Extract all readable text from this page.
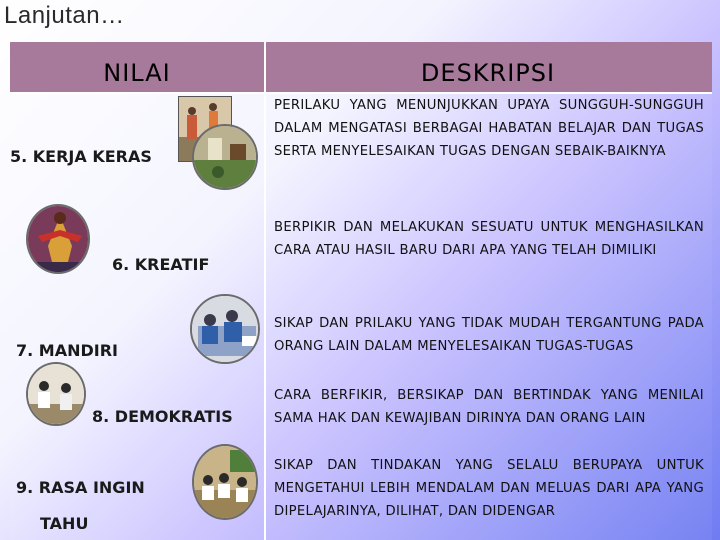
Lanjutan…
NILAI	DESKRIPSI
5. KERJA KERAS
PERILAKU YANG MENUNJUKKAN UPAYA SUNGGUH-SUNGGUH DALAM MENGATASI BERBAGAI HABATAN BELAJAR DAN TUGAS SERTA MENYELESAIKAN TUGAS DENGAN SEBAIK-BAIKNYA
6. KREATIF
BERPIKIR DAN MELAKUKAN SESUATU UNTUK MENGHASILKAN CARA ATAU HASIL BARU DARI APA YANG TELAH DIMILIKI
7. MANDIRI
SIKAP DAN PRILAKU YANG TIDAK MUDAH TERGANTUNG PADA ORANG LAIN DALAM MENYELESAIKAN TUGAS-TUGAS
8. DEMOKRATIS
CARA BERFIKIR, BERSIKAP DAN BERTINDAK YANG MENILAI SAMA HAK DAN KEWAJIBAN DIRINYA DAN ORANG LAIN
9. RASA INGIN
TAHU
SIKAP DAN TINDAKAN YANG SELALU BERUPAYA UNTUK MENGETAHUI LEBIH MENDALAM DAN MELUAS DARI APA YANG DIPELAJARINYA, DILIHAT, DAN DIDENGAR
